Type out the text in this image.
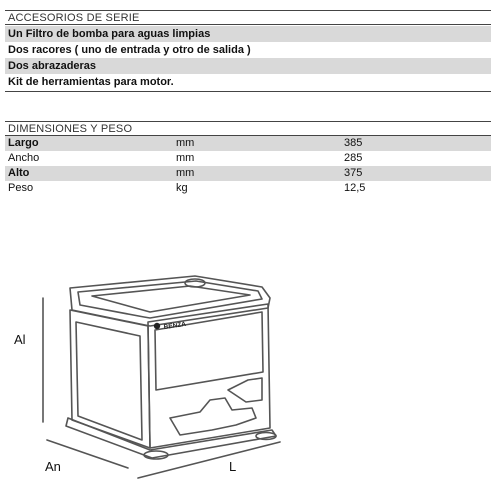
ACCESORIOS DE SERIE
Un Filtro de bomba para aguas limpias
Dos racores ( uno de entrada y otro de salida )
Dos abrazaderas
Kit de herramientas para motor.
DIMENSIONES Y PESO
Largo	mm	385
Ancho	mm	285
Alto	mm	375
Peso	kg	12,5
BENZA
Al
An	L
